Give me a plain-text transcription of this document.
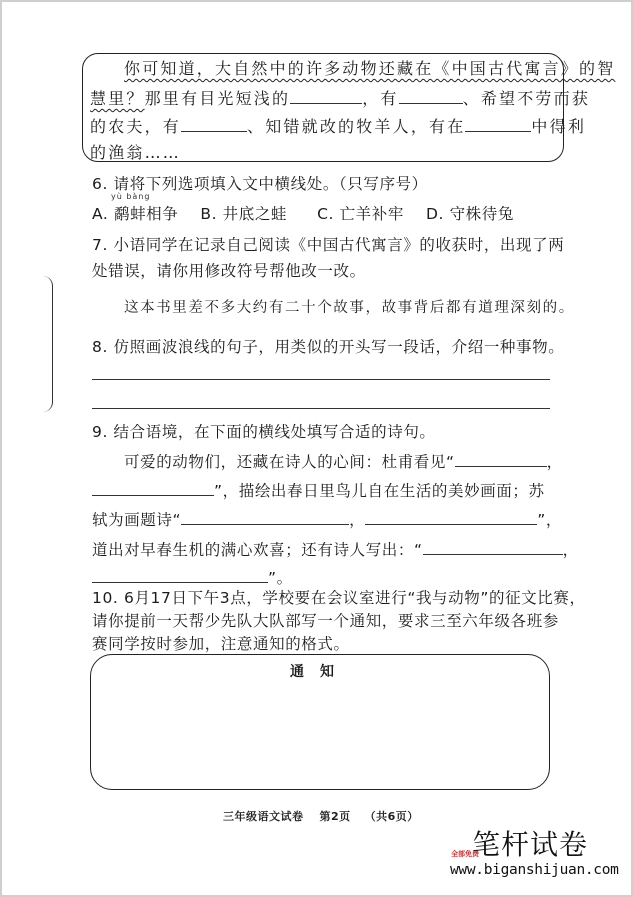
你可知道，大自然中的许多动物还藏在《中国古代寓言》的智
慧里？那里有目光短浅的	，有	、希望不劳而获
的农夫，有	、知错就改的牧羊人，有在	中得利
的渔翁……
6. 请将下列选项填入文中横线处。（只写序号）
yù bàng
A. 鹬蚌相争 B. 井底之蛙 C. 亡羊补牢 D. 守株待兔
7. 小语同学在记录自己阅读《中国古代寓言》的收获时，出现了两
处错误，请你用修改符号帮他改一改。
这本书里差不多大约有二十个故事，故事背后都有道理深刻的。
8. 仿照画波浪线的句子，用类似的开头写一段话，介绍一种事物。
9. 结合语境，在下面的横线处填写合适的诗句。
可爱的动物们，还藏在诗人的心间：杜甫看见“	，
”，描绘出春日里鸟儿自在生活的美妙画面；苏
轼为画题诗“	，	”，
道出对早春生机的满心欢喜；还有诗人写出：“	，
”。
10. 6月17日下午3点，学校要在会议室进行“我与动物”的征文比赛，
请你提前一天帮少先队大队部写一个通知，要求三至六年级各班参
赛同学按时参加，注意通知的格式。
通知
三年级语文试卷 第2页 （共6页）
全部免费
笔杆试卷
www.biganshijuan.com
